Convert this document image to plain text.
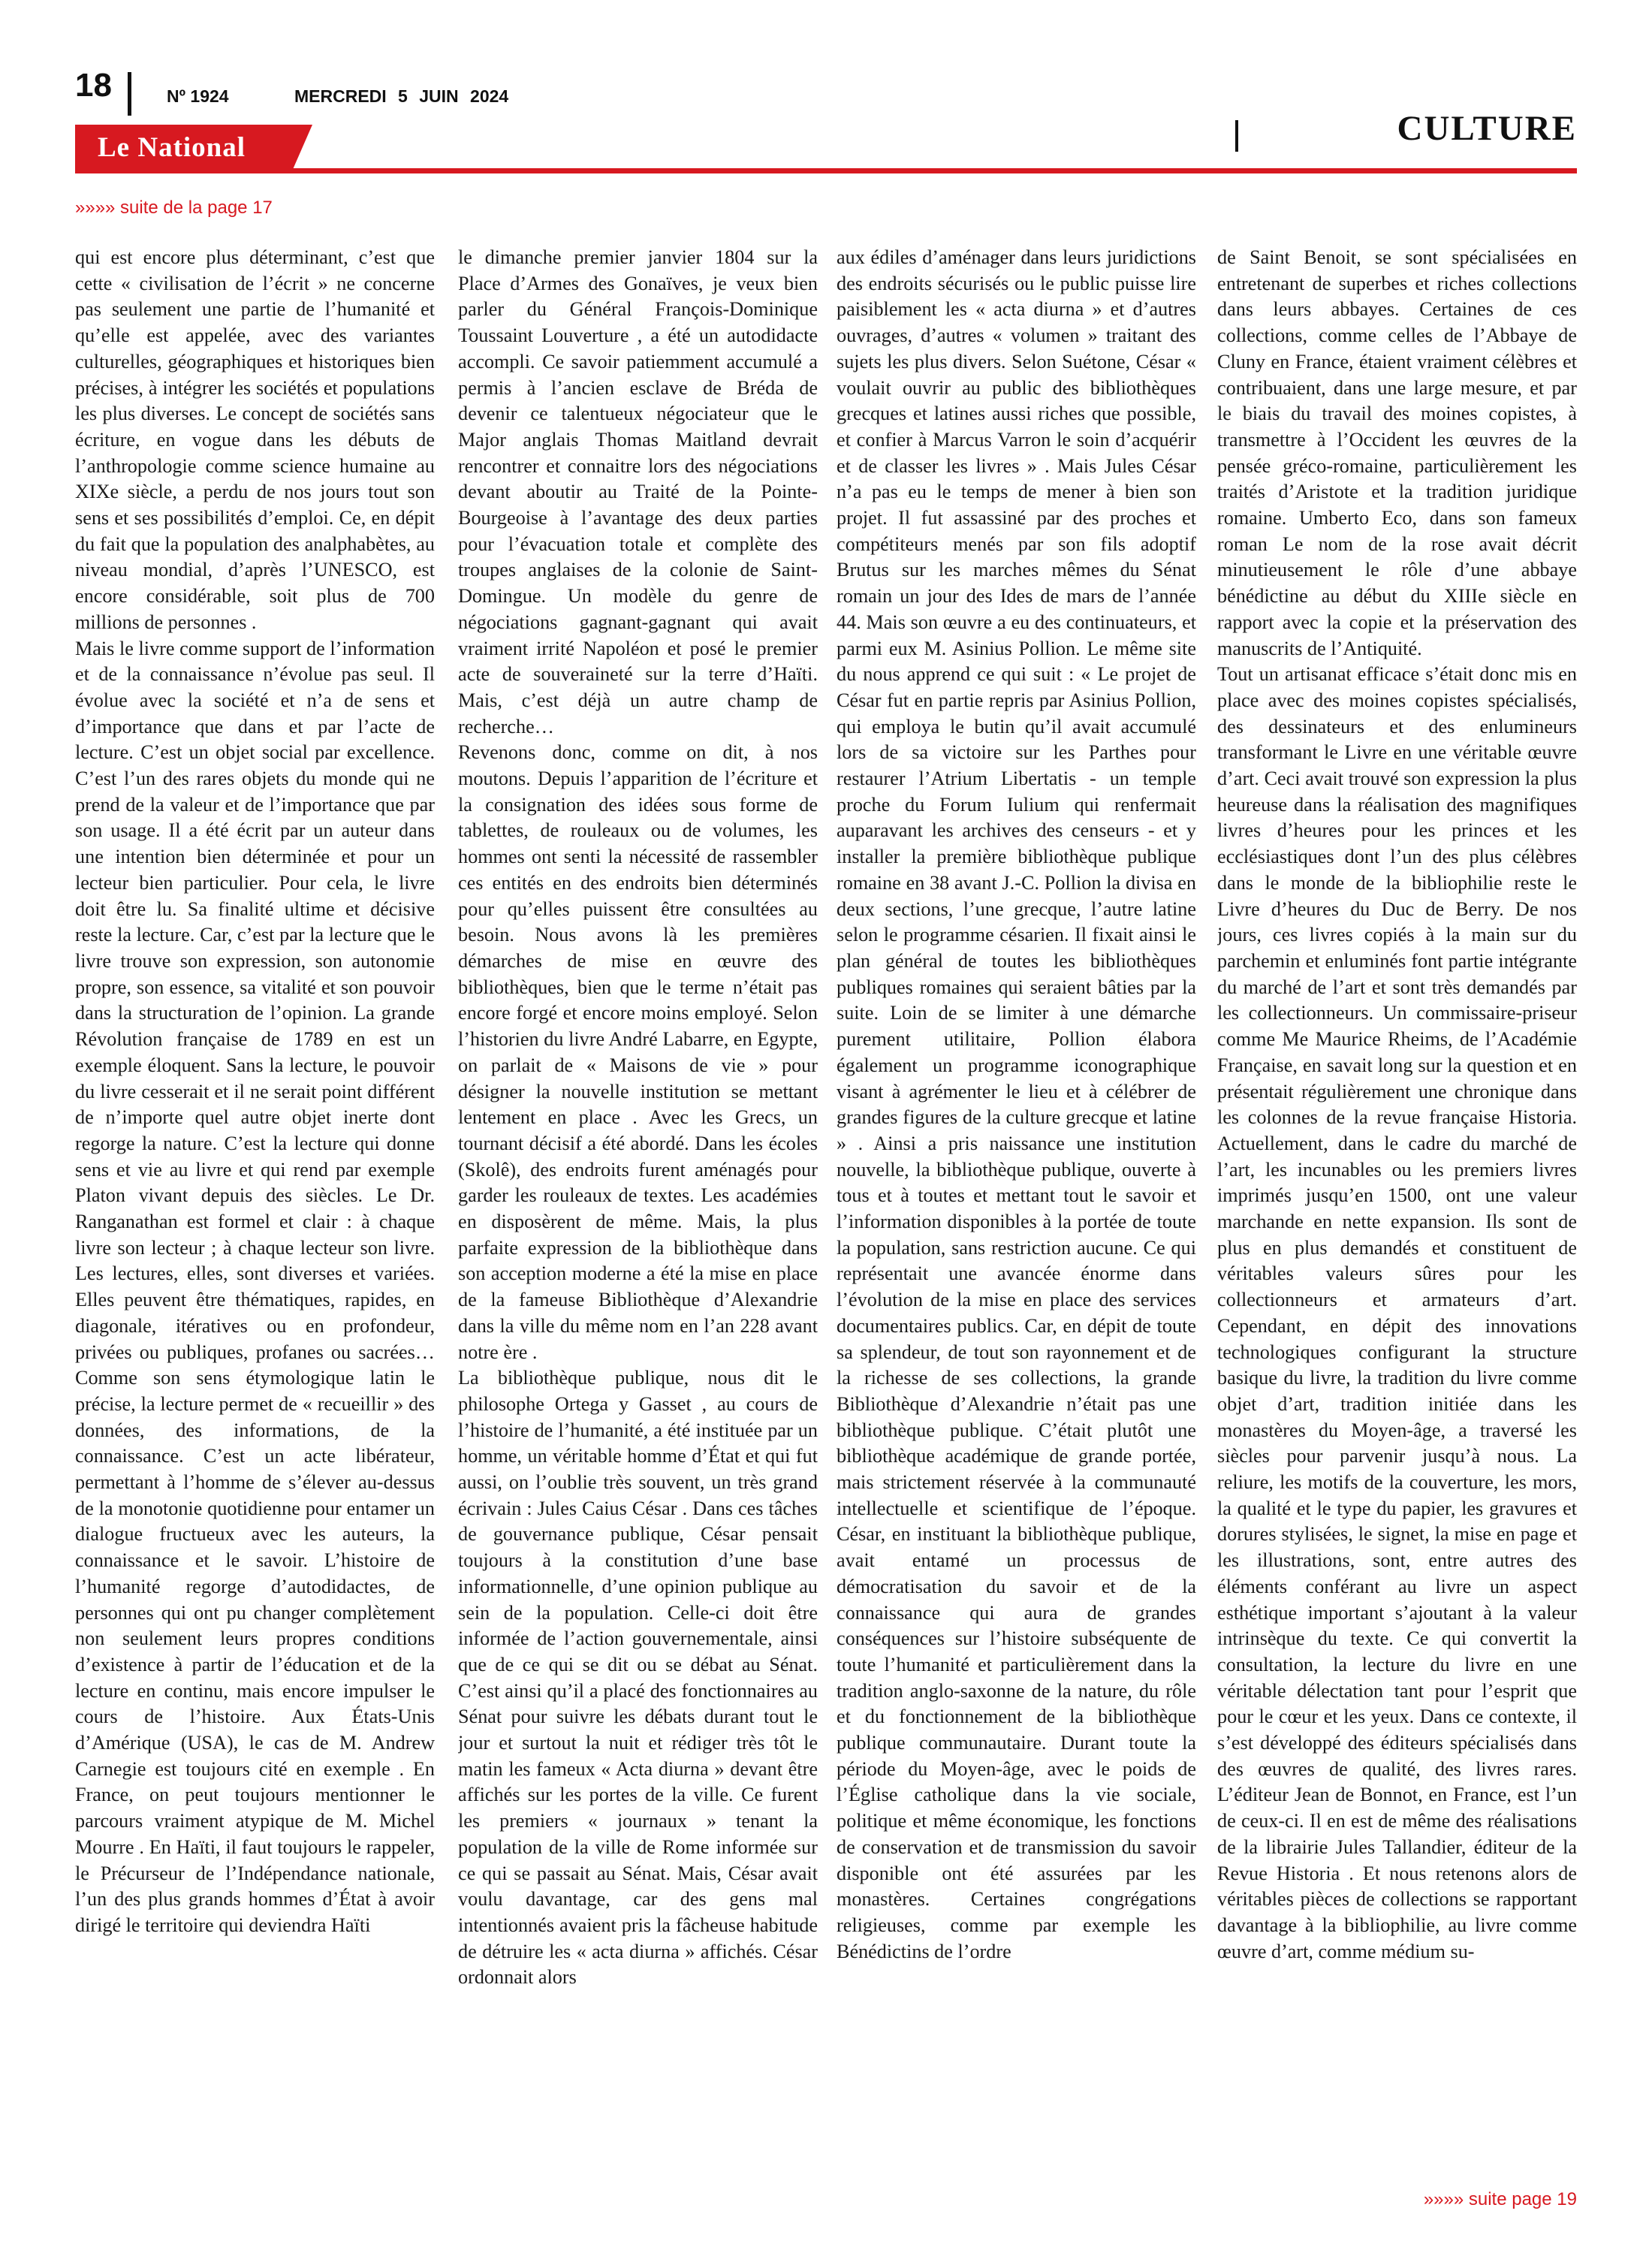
18	Nº 1924	MERCREDI 5 JUIN 2024
Le National	CULTURE
»»»» suite de la page 17

qui est encore plus déterminant, c’est que cette « civilisation de l’écrit » ne concerne pas seulement une partie de l’humanité et qu’elle est appelée, avec des variantes culturelles, géographiques et historiques bien précises, à intégrer les sociétés et populations les plus diverses. Le concept de sociétés sans écriture, en vogue dans les débuts de l’anthropologie comme science humaine au XIXe siècle, a perdu de nos jours tout son sens et ses possibilités d’emploi. Ce, en dépit du fait que la population des analphabètes, au niveau mondial, d’après l’UNESCO, est encore considérable, soit plus de 700 millions de personnes .

Mais le livre comme support de l’information et de la connaissance n’évolue pas seul. Il évolue avec la société et n’a de sens et d’importance que dans et par l’acte de lecture. C’est un objet social par excellence. C’est l’un des rares objets du monde qui ne prend de la valeur et de l’importance que par son usage. Il a été écrit par un auteur dans une intention bien déterminée et pour un lecteur bien particulier. Pour cela, le livre doit être lu. Sa finalité ultime et décisive reste la lecture. Car, c’est par la lecture que le livre trouve son expression, son autonomie propre, son essence, sa vitalité et son pouvoir dans la structuration de l’opinion. La grande Révolution française de 1789 en est un exemple éloquent. Sans la lecture, le pouvoir du livre cesserait et il ne serait point différent de n’importe quel autre objet inerte dont regorge la nature. C’est la lecture qui donne sens et vie au livre et qui rend par exemple Platon vivant depuis des siècles. Le Dr. Ranganathan est formel et clair : à chaque livre son lecteur ; à chaque lecteur son livre. Les lectures, elles, sont diverses et variées. Elles peuvent être thématiques, rapides, en diagonale, itératives ou en profondeur, privées ou publiques, profanes ou sacrées…Comme son sens étymologique latin le précise, la lecture permet de « recueillir » des données, des informations, de la connaissance. C’est un acte libérateur, permettant à l’homme de s’élever au-dessus de la monotonie quotidienne pour entamer un dialogue fructueux avec les auteurs, la connaissance et le savoir. L’histoire de l’humanité regorge d’autodidactes, de personnes qui ont pu changer complètement non seulement leurs propres conditions d’existence à partir de l’éducation et de la lecture en continu, mais encore impulser le cours de l’histoire. Aux États-Unis d’Amérique (USA), le cas de M. Andrew Carnegie est toujours cité en exemple . En France, on peut toujours mentionner le parcours vraiment atypique de M. Michel Mourre . En Haïti, il faut toujours le rappeler, le Précurseur de l’Indépendance nationale, l’un des plus grands hommes d’État à avoir dirigé le territoire qui deviendra Haïti

le dimanche premier janvier 1804 sur la Place d’Armes des Gonaïves, je veux bien parler du Général François-Dominique Toussaint Louverture , a été un autodidacte accompli. Ce savoir patiemment accumulé a permis à l’ancien esclave de Bréda de devenir ce talentueux négociateur que le Major anglais Thomas Maitland devrait rencontrer et connaitre lors des négociations devant aboutir au Traité de la Pointe-Bourgeoise à l’avantage des deux parties pour l’évacuation totale et complète des troupes anglaises de la colonie de Saint-Domingue. Un modèle du genre de négociations gagnant-gagnant qui avait vraiment irrité Napoléon et posé le premier acte de souveraineté sur la terre d’Haïti. Mais, c’est déjà un autre champ de recherche…

Revenons donc, comme on dit, à nos moutons. Depuis l’apparition de l’écriture et la consignation des idées sous forme de tablettes, de rouleaux ou de volumes, les hommes ont senti la nécessité de rassembler ces entités en des endroits bien déterminés pour qu’elles puissent être consultées au besoin. Nous avons là les premières démarches de mise en œuvre des bibliothèques, bien que le terme n’était pas encore forgé et encore moins employé. Selon l’historien du livre André Labarre, en Egypte, on parlait de « Maisons de vie » pour désigner la nouvelle institution se mettant lentement en place . Avec les Grecs, un tournant décisif a été abordé. Dans les écoles (Skolê), des endroits furent aménagés pour garder les rouleaux de textes. Les académies en disposèrent de même. Mais, la plus parfaite expression de la bibliothèque dans son acception moderne a été la mise en place de la fameuse Bibliothèque d’Alexandrie dans la ville du même nom en l’an 228 avant notre ère .

La bibliothèque publique, nous dit le philosophe Ortega y Gasset , au cours de l’histoire de l’humanité, a été instituée par un homme, un véritable homme d’État et qui fut aussi, on l’oublie très souvent, un très grand écrivain : Jules Caius César . Dans ces tâches de gouvernance publique, César pensait toujours à la constitution d’une base informationnelle, d’une opinion publique au sein de la population. Celle-ci doit être informée de l’action gouvernementale, ainsi que de ce qui se dit ou se débat au Sénat. C’est ainsi qu’il a placé des fonctionnaires au Sénat pour suivre les débats durant tout le jour et surtout la nuit et rédiger très tôt le matin les fameux « Acta diurna » devant être affichés sur les portes de la ville. Ce furent les premiers « journaux » tenant la population de la ville de Rome informée sur ce qui se passait au Sénat. Mais, César avait voulu davantage, car des gens mal intentionnés avaient pris la fâcheuse habitude de détruire les « acta diurna » affichés. César ordonnait alors

aux édiles d’aménager dans leurs juridictions des endroits sécurisés ou le public puisse lire paisiblement les « acta diurna » et d’autres ouvrages, d’autres « volumen » traitant des sujets les plus divers. Selon Suétone, César « voulait ouvrir au public des bibliothèques grecques et latines aussi riches que possible, et confier à Marcus Varron le soin d’acquérir et de classer les livres » . Mais Jules César n’a pas eu le temps de mener à bien son projet. Il fut assassiné par des proches et compétiteurs menés par son fils adoptif Brutus sur les marches mêmes du Sénat romain un jour des Ides de mars de l’année 44. Mais son œuvre a eu des continuateurs, et parmi eux M. Asinius Pollion. Le même site du nous apprend ce qui suit : « Le projet de César fut en partie repris par Asinius Pollion, qui employa le butin qu’il avait accumulé lors de sa victoire sur les Parthes pour restaurer l’Atrium Libertatis - un temple proche du Forum Iulium qui renfermait auparavant les archives des censeurs - et y installer la première bibliothèque publique romaine en 38 avant J.-C. Pollion la divisa en deux sections, l’une grecque, l’autre latine selon le programme césarien. Il fixait ainsi le plan général de toutes les bibliothèques publiques romaines qui seraient bâties par la suite. Loin de se limiter à une démarche purement utilitaire, Pollion élabora également un programme iconographique visant à agrémenter le lieu et à célébrer de grandes figures de la culture grecque et latine » . Ainsi a pris naissance une institution nouvelle, la bibliothèque publique, ouverte à tous et à toutes et mettant tout le savoir et l’information disponibles à la portée de toute la population, sans restriction aucune. Ce qui représentait une avancée énorme dans l’évolution de la mise en place des services documentaires publics. Car, en dépit de toute sa splendeur, de tout son rayonnement et de la richesse de ses collections, la grande Bibliothèque d’Alexandrie n’était pas une bibliothèque publique. C’était plutôt une bibliothèque académique de grande portée, mais strictement réservée à la communauté intellectuelle et scientifique de l’époque. César, en instituant la bibliothèque publique, avait entamé un processus de démocratisation du savoir et de la connaissance qui aura de grandes conséquences sur l’histoire subséquente de toute l’humanité et particulièrement dans la tradition anglo-saxonne de la nature, du rôle et du fonctionnement de la bibliothèque publique communautaire. Durant toute la période du Moyen-âge, avec le poids de l’Église catholique dans la vie sociale, politique et même économique, les fonctions de conservation et de transmission du savoir disponible ont été assurées par les monastères. Certaines congrégations religieuses, comme par exemple les Bénédictins de l’ordre

de Saint Benoit, se sont spécialisées en entretenant de superbes et riches collections dans leurs abbayes. Certaines de ces collections, comme celles de l’Abbaye de Cluny en France, étaient vraiment célèbres et contribuaient, dans une large mesure, et par le biais du travail des moines copistes, à transmettre à l’Occident les œuvres de la pensée gréco-romaine, particulièrement les traités d’Aristote et la tradition juridique romaine. Umberto Eco, dans son fameux roman Le nom de la rose avait décrit minutieusement le rôle d’une abbaye bénédictine au début du XIIIe siècle en rapport avec la copie et la préservation des manuscrits de l’Antiquité.

Tout un artisanat efficace s’était donc mis en place avec des moines copistes spécialisés, des dessinateurs et des enlumineurs transformant le Livre en une véritable œuvre d’art. Ceci avait trouvé son expression la plus heureuse dans la réalisation des magnifiques livres d’heures pour les princes et les ecclésiastiques dont l’un des plus célèbres dans le monde de la bibliophilie reste le Livre d’heures du Duc de Berry. De nos jours, ces livres copiés à la main sur du parchemin et enluminés font partie intégrante du marché de l’art et sont très demandés par les collectionneurs. Un commissaire-priseur comme Me Maurice Rheims, de l’Académie Française, en savait long sur la question et en présentait régulièrement une chronique dans les colonnes de la revue française Historia. Actuellement, dans le cadre du marché de l’art, les incunables ou les premiers livres imprimés jusqu’en 1500, ont une valeur marchande en nette expansion. Ils sont de plus en plus demandés et constituent de véritables valeurs sûres pour les collectionneurs et armateurs d’art. Cependant, en dépit des innovations technologiques configurant la structure basique du livre, la tradition du livre comme objet d’art, tradition initiée dans les monastères du Moyen-âge, a traversé les siècles pour parvenir jusqu’à nous. La reliure, les motifs de la couverture, les mors, la qualité et le type du papier, les gravures et dorures stylisées, le signet, la mise en page et les illustrations, sont, entre autres des éléments conférant au livre un aspect esthétique important s’ajoutant à la valeur intrinsèque du texte. Ce qui convertit la consultation, la lecture du livre en une véritable délectation tant pour l’esprit que pour le cœur et les yeux. Dans ce contexte, il s’est développé des éditeurs spécialisés dans des œuvres de qualité, des livres rares. L’éditeur Jean de Bonnot, en France, est l’un de ceux-ci. Il en est de même des réalisations de la librairie Jules Tallandier, éditeur de la Revue Historia . Et nous retenons alors de véritables pièces de collections se rapportant davantage à la bibliophilie, au livre comme œuvre d’art, comme médium su-

»»»» suite page 19
